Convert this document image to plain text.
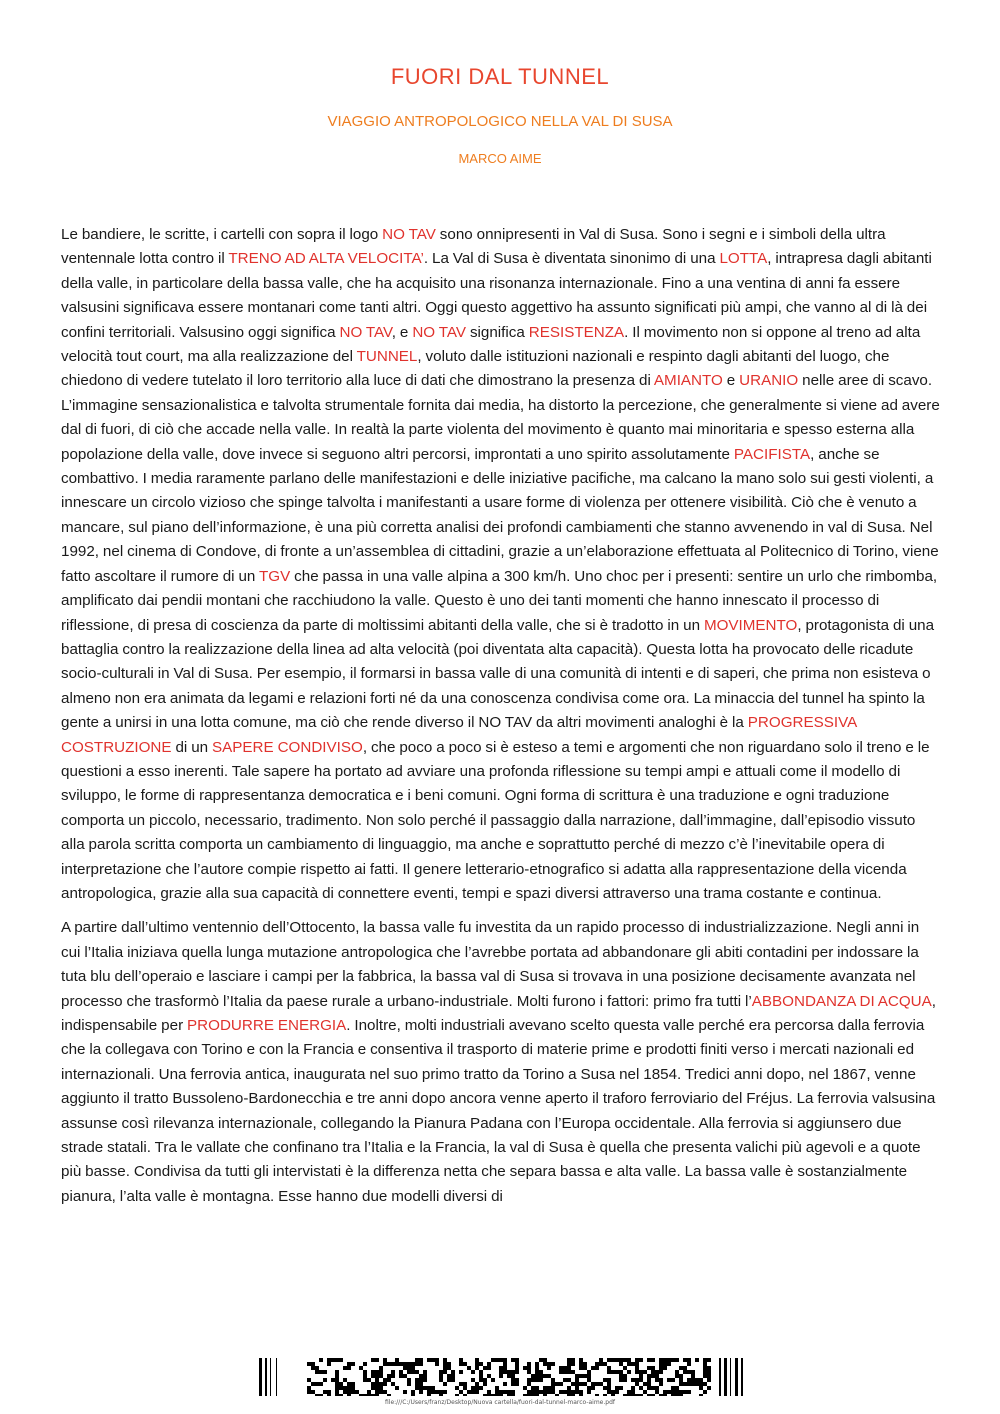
FUORI DAL TUNNEL
VIAGGIO ANTROPOLOGICO NELLA VAL DI SUSA
MARCO AIME

Le bandiere, le scritte, i cartelli con sopra il logo NO TAV sono onnipresenti in Val di Susa. Sono i segni e i simboli della ultra ventennale lotta contro il TRENO AD ALTA VELOCITA’. La Val di Susa è diventata sinonimo di una LOTTA, intrapresa dagli abitanti della valle, in particolare della bassa valle, che ha acquisito una risonanza internazionale. Fino a una ventina di anni fa essere valsusini significava essere montanari come tanti altri. Oggi questo aggettivo ha assunto significati più ampi, che vanno al di là dei confini territoriali. Valsusino oggi significa NO TAV, e NO TAV significa RESISTENZA. Il movimento non si oppone al treno ad alta velocità tout court, ma alla realizzazione del TUNNEL, voluto dalle istituzioni nazionali e respinto dagli abitanti del luogo, che chiedono di vedere tutelato il loro territorio alla luce di dati che dimostrano la presenza di AMIANTO e URANIO nelle aree di scavo. L’immagine sensazionalistica e talvolta strumentale fornita dai media, ha distorto la percezione, che generalmente si viene ad avere dal di fuori, di ciò che accade nella valle. In realtà la parte violenta del movimento è quanto mai minoritaria e spesso esterna alla popolazione della valle, dove invece si seguono altri percorsi, improntati a uno spirito assolutamente PACIFISTA, anche se combattivo. I media raramente parlano delle manifestazioni e delle iniziative pacifiche, ma calcano la mano solo sui gesti violenti, a innescare un circolo vizioso che spinge talvolta i manifestanti a usare forme di violenza per ottenere visibilità. Ciò che è venuto a mancare, sul piano dell’informazione, è una più corretta analisi dei profondi cambiamenti che stanno avvenendo in val di Susa. Nel 1992, nel cinema di Condove, di fronte a un’assemblea di cittadini, grazie a un’elaborazione effettuata al Politecnico di Torino, viene fatto ascoltare il rumore di un TGV che passa in una valle alpina a 300 km/h. Uno choc per i presenti: sentire un urlo che rimbomba, amplificato dai pendii montani che racchiudono la valle. Questo è uno dei tanti momenti che hanno innescato il processo di riflessione, di presa di coscienza da parte di moltissimi abitanti della valle, che si è tradotto in un MOVIMENTO, protagonista di una battaglia contro la realizzazione della linea ad alta velocità (poi diventata alta capacità). Questa lotta ha provocato delle ricadute socio-culturali in Val di Susa. Per esempio, il formarsi in bassa valle di una comunità di intenti e di saperi, che prima non esisteva o almeno non era animata da legami e relazioni forti né da una conoscenza condivisa come ora. La minaccia del tunnel ha spinto la gente a unirsi in una lotta comune, ma ciò che rende diverso il NO TAV da altri movimenti analoghi è la PROGRESSIVA COSTRUZIONE di un SAPERE CONDIVISO, che poco a poco si è esteso a temi e argomenti che non riguardano solo il treno e le questioni a esso inerenti. Tale sapere ha portato ad avviare una profonda riflessione su tempi ampi e attuali come il modello di sviluppo, le forme di rappresentanza democratica e i beni comuni. Ogni forma di scrittura è una traduzione e ogni traduzione comporta un piccolo, necessario, tradimento. Non solo perché il passaggio dalla narrazione, dall’immagine, dall’episodio vissuto alla parola scritta comporta un cambiamento di linguaggio, ma anche e soprattutto perché di mezzo c’è l’inevitabile opera di interpretazione che l’autore compie rispetto ai fatti. Il genere letterario-etnografico si adatta alla rappresentazione della vicenda antropologica, grazie alla sua capacità di connettere eventi, tempi e spazi diversi attraverso una trama costante e continua.

A partire dall’ultimo ventennio dell’Ottocento, la bassa valle fu investita da un rapido processo di industrializzazione. Negli anni in cui l’Italia iniziava quella lunga mutazione antropologica che l’avrebbe portata ad abbandonare gli abiti contadini per indossare la tuta blu dell’operaio e lasciare i campi per la fabbrica, la bassa val di Susa si trovava in una posizione decisamente avanzata nel processo che trasformò l’Italia da paese rurale a urbano-industriale. Molti furono i fattori: primo fra tutti l’ABBONDANZA DI ACQUA, indispensabile per PRODURRE ENERGIA. Inoltre, molti industriali avevano scelto questa valle perché era percorsa dalla ferrovia che la collegava con Torino e con la Francia e consentiva il trasporto di materie prime e prodotti finiti verso i mercati nazionali ed internazionali. Una ferrovia antica, inaugurata nel suo primo tratto da Torino a Susa nel 1854. Tredici anni dopo, nel 1867, venne aggiunto il tratto Bussoleno-Bardonecchia e tre anni dopo ancora venne aperto il traforo ferroviario del Fréjus. La ferrovia valsusina assunse così rilevanza internazionale, collegando la Pianura Padana con l’Europa occidentale. Alla ferrovia si aggiunsero due strade statali. Tra le vallate che confinano tra l’Italia e la Francia, la val di Susa è quella che presenta valichi più agevoli e a quote più basse. Condivisa da tutti gli intervistati è la differenza netta che separa bassa e alta valle. La bassa valle è sostanzialmente pianura, l’alta valle è montagna. Esse hanno due modelli diversi di

file:///C:/Users/franz/Desktop/Nuova cartella/fuori-dal-tunnel-marco-aime.pdf
